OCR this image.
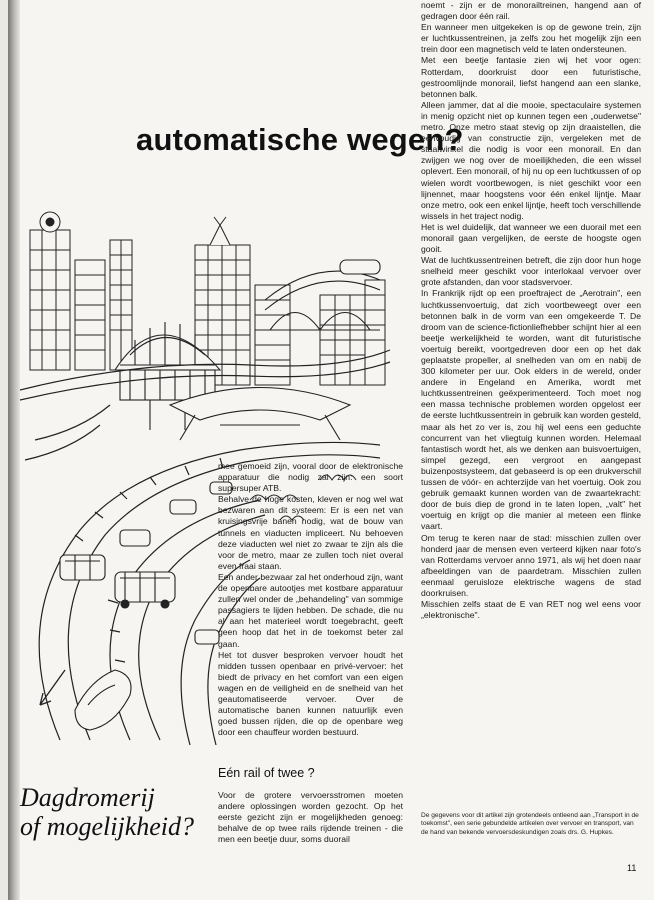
automatische wegen?

noemt - zijn er de monorailtreinen, hangend aan of gedragen door één rail.

En wanneer men uitgekeken is op de gewone trein, zijn er luchtkussentreinen, ja zelfs zou het mogelijk zijn een trein door een magnetisch veld te laten ondersteunen.

Met een beetje fantasie zien wij het voor ogen: Rotterdam, doorkruist door een futuristische, gestroomlijnde monorail, liefst hangend aan een slanke, betonnen balk.

Alleen jammer, dat al die mooie, spectaculaire systemen in menig opzicht niet op kunnen tegen een „ouderwetse" metro. Onze metro staat stevig op zijn draaistellen, die eenvoudig van constructie zijn, vergeleken met de staalwinkel die nodig is voor een monorail. En dan zwijgen we nog over de moeilijkheden, die een wissel oplevert. Een monorail, of hij nu op een luchtkussen of op wielen wordt voortbewogen, is niet geschikt voor een lijnennet, maar hoogstens voor één enkel lijntje. Maar onze metro, ook een enkel lijntje, heeft toch verschillende wissels in het traject nodig.

Het is wel duidelijk, dat wanneer we een duorail met een monorail gaan vergelijken, de eerste de hoogste ogen gooit.

Wat de luchtkussentreinen betreft, die zijn door hun hoge snelheid meer geschikt voor interlokaal vervoer over grote afstanden, dan voor stadsvervoer.

In Frankrijk rijdt op een proeftraject de „Aerotrain", een luchtkussenvoertuig, dat zich voortbeweegt over een betonnen balk in de vorm van een omgekeerde T. De droom van de science-fictionliefhebber schijnt hier al een beetje werkelijkheid te worden, want dit futuristische voertuig bereikt, voortgedreven door een op het dak geplaatste propeller, al snelheden van om en nabij de 300 kilometer per uur. Ook elders in de wereld, onder andere in Engeland en Amerika, wordt met luchtkussentreinen geëxperimenteerd. Toch moet nog een massa technische problemen worden opgelost eer de eerste luchtkussentrein in gebruik kan worden gesteld, maar als het zo ver is, zou hij wel eens een geduchte concurrent van het vliegtuig kunnen worden. Helemaal fantastisch wordt het, als we denken aan buisvoertuigen, simpel gezegd, een vergroot en aangepast buizenpostsysteem, dat gebaseerd is op een drukverschil tussen de vóór- en achterzijde van het voertuig. Ook zou gebruik gemaakt kunnen worden van de zwaartekracht: door de buis diep de grond in te laten lopen, „valt" het voertuig en krijgt op die manier al meteen een flinke vaart.

Om terug te keren naar de stad: misschien zullen over honderd jaar de mensen even verteerd kijken naar foto's van Rotterdams vervoer anno 1971, als wij het doen naar afbeeldingen van de paardetram. Misschien zullen eenmaal geruisloze elektrische wagens de stad doorkruisen.

Misschien zelfs staat de E van RET nog wel eens voor „elektronische".

mee gemoeid zijn, vooral door de elektronische apparatuur die nodig zal zijn: een soort supersuper ATB.

Behalve de hoge kosten, kleven er nog wel wat bezwaren aan dit systeem: Er is een net van kruisingsvrije banen nodig, wat de bouw van tunnels en viaducten impliceert. Nu behoeven deze viaducten wel niet zo zwaar te zijn als die voor de metro, maar ze zullen toch niet overal even fraai staan.

Een ander bezwaar zal het onderhoud zijn, want de openbare autootjes met kostbare apparatuur zullen wel onder de „behandeling" van sommige passagiers te lijden hebben. De schade, die nu al aan het materieel wordt toegebracht, geeft geen hoop dat het in de toekomst beter zal gaan.

Het tot dusver besproken vervoer houdt het midden tussen openbaar en privé-vervoer: het biedt de privacy en het comfort van een eigen wagen en de veiligheid en de snelheid van het geautomatiseerde vervoer. Over de automatische banen kunnen natuurlijk even goed bussen rijden, die op de openbare weg door een chauffeur worden bestuurd.

Eén rail of twee ?

Voor de grotere vervoersstromen moeten andere oplossingen worden gezocht. Op het eerste gezicht zijn er mogelijkheden genoeg: behalve de op twee rails rijdende treinen - die men een beetje duur, soms duorail

Dagdromerij
of mogelijkheid?	De gegevens voor dit artikel zijn grotendeels ontleend aan „Transport in de toekomst", een serie gebundelde artikelen over vervoer en transport, van de hand van bekende vervoersdeskundigen zoals drs. G. Hupkes.
11
